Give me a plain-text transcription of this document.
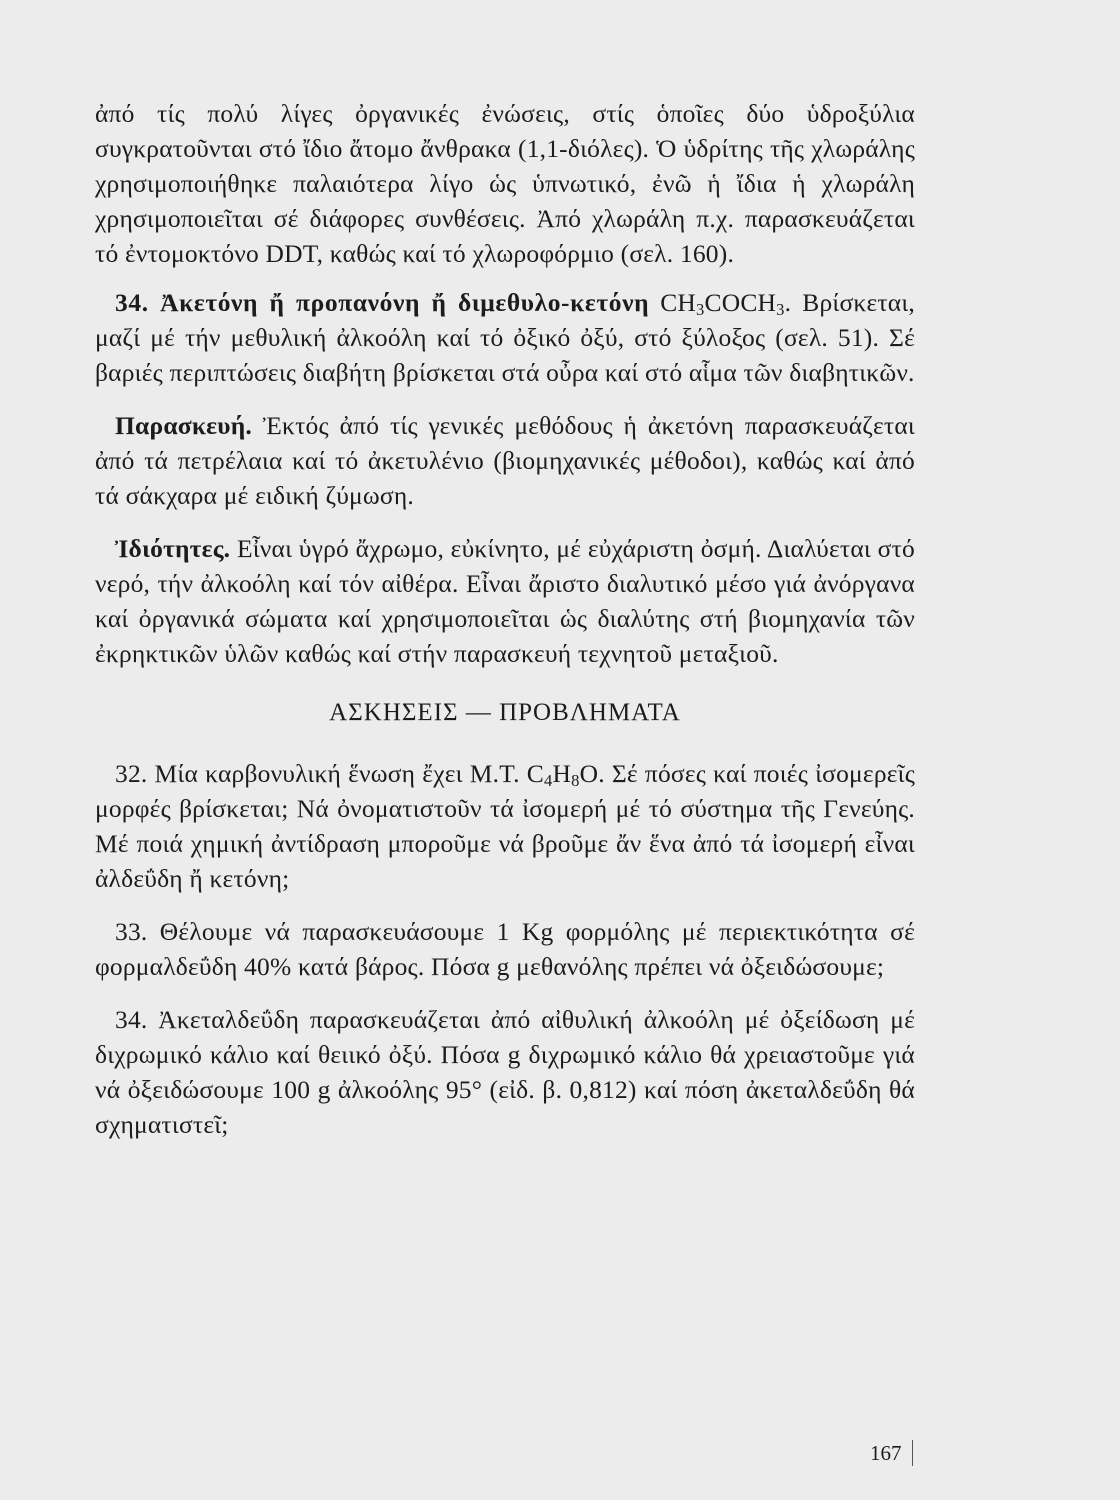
ἀπό τίς πολύ λίγες ὀργανικές ἐνώσεις, στίς ὁποῖες δύο ὑδροξύλια συγκρατοῦνται στό ἴδιο ἄτομο ἄνθρακα (1,1-διόλες). Ὁ ὑδρίτης τῆς χλωράλης χρησιμοποιήθηκε παλαιότερα λίγο ὡς ὑπνωτικό, ἐνῶ ἡ ἴδια ἡ χλωράλη χρησιμοποιεῖται σέ διάφορες συνθέσεις. Ἀπό χλωράλη π.χ. παρασκευάζεται τό ἐντομοκτόνο DDT, καθώς καί τό χλωροφόρμιο (σελ. 160).

34. Ἀκετόνη ἤ προπανόνη ἤ διμεθυλο-κετόνη $CH_3COCH_3$. Βρίσκεται, μαζί μέ τήν μεθυλική ἀλκοόλη καί τό ὀξικό ὀξύ, στό ξύλοξος (σελ. 51). Σέ βαριές περιπτώσεις διαβήτη βρίσκεται στά οὖρα καί στό αἷμα τῶν διαβητικῶν.

Παρασκευή. Ἐκτός ἀπό τίς γενικές μεθόδους ἡ ἀκετόνη παρασκευάζεται ἀπό τά πετρέλαια καί τό ἀκετυλένιο (βιομηχανικές μέθοδοι), καθώς καί ἀπό τά σάκχαρα μέ ειδική ζύμωση.

Ἰδιότητες. Εἶναι ὑγρό ἄχρωμο, εὐκίνητο, μέ εὐχάριστη ὀσμή. Διαλύεται στό νερό, τήν ἀλκοόλη καί τόν αἰθέρα. Εἶναι ἄριστο διαλυτικό μέσο γιά ἀνόργανα καί ὀργανικά σώματα καί χρησιμοποιεῖται ὡς διαλύτης στή βιομηχανία τῶν ἐκρηκτικῶν ὑλῶν καθώς καί στήν παρασκευή τεχνητοῦ μεταξιοῦ.

ΑΣΚΗΣΕΙΣ — ΠΡΟΒΛΗΜΑΤΑ

32. Μία καρβονυλική ἕνωση ἔχει Μ.Τ. $C_4H_8O$. Σέ πόσες καί ποιές ἰσομερεῖς μορφές βρίσκεται; Νά ὀνοματιστοῦν τά ἰσομερή μέ τό σύστημα τῆς Γενεύης. Μέ ποιά χημική ἀντίδραση μποροῦμε νά βροῦμε ἄν ἕνα ἀπό τά ἰσομερή εἶναι ἀλδεΰδη ἤ κετόνη;

33. Θέλουμε νά παρασκευάσουμε 1 Kg φορμόλης μέ περιεκτικότητα σέ φορμαλδεΰδη 40% κατά βάρος. Πόσα g μεθανόλης πρέπει νά ὀξειδώσουμε;

34. Ἀκεταλδεΰδη παρασκευάζεται ἀπό αἰθυλική ἀλκοόλη μέ ὀξείδωση μέ διχρωμικό κάλιο καί θειικό ὀξύ. Πόσα g διχρωμικό κάλιο θά χρειαστοῦμε γιά νά ὀξειδώσουμε 100 g ἀλκοόλης 95° (εἰδ. β. 0,812) καί πόση ἀκεταλδεΰδη θά σχηματιστεῖ;

167
